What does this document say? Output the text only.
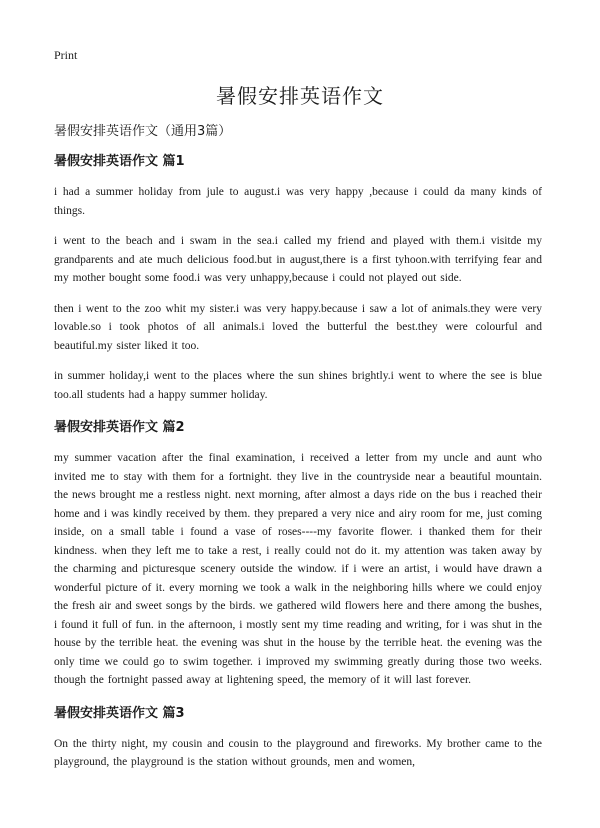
Print
暑假安排英语作文

暑假安排英语作文（通用3篇）

暑假安排英语作文 篇1

i had a summer holiday from jule to august.i was very happy ,because i could da many kinds of things.

i went to the beach and i swam in the sea.i called my friend and played with them.i visitde my grandparents and ate much delicious food.but in august,there is a first tyhoon.with terrifying fear and my mother bought some food.i was very unhappy,because i could not played out side.

then i went to the zoo whit my sister.i was very happy.because i saw a lot of animals.they were very lovable.so i took photos of all animals.i loved the butterful the best.they were colourful and beautiful.my sister liked it too.

in summer holiday,i went to the places where the sun shines brightly.i went to where the see is blue too.all students had a happy summer holiday.

暑假安排英语作文 篇2

my summer vacation after the final examination, i received a letter from my uncle and aunt who invited me to stay with them for a fortnight. they live in the countryside near a beautiful mountain. the news brought me a restless night. next morning, after almost a days ride on the bus i reached their home and i was kindly received by them. they prepared a very nice and airy room for me, just coming inside, on a small table i found a vase of roses----my favorite flower. i thanked them for their kindness. when they left me to take a rest, i really could not do it. my attention was taken away by the charming and picturesque scenery outside the window. if i were an artist, i would have drawn a wonderful picture of it. every morning we took a walk in the neighboring hills where we could enjoy the fresh air and sweet songs by the birds. we gathered wild flowers here and there among the bushes, i found it full of fun. in the afternoon, i mostly sent my time reading and writing, for i was shut in the house by the terrible heat. the evening was shut in the house by the terrible heat. the evening was the only time we could go to swim together. i improved my swimming greatly during those two weeks. though the fortnight passed away at lightening speed, the memory of it will last forever.

暑假安排英语作文 篇3

On the thirty night, my cousin and cousin to the playground and fireworks. My brother came to the playground, the playground is the station without grounds, men and women,
